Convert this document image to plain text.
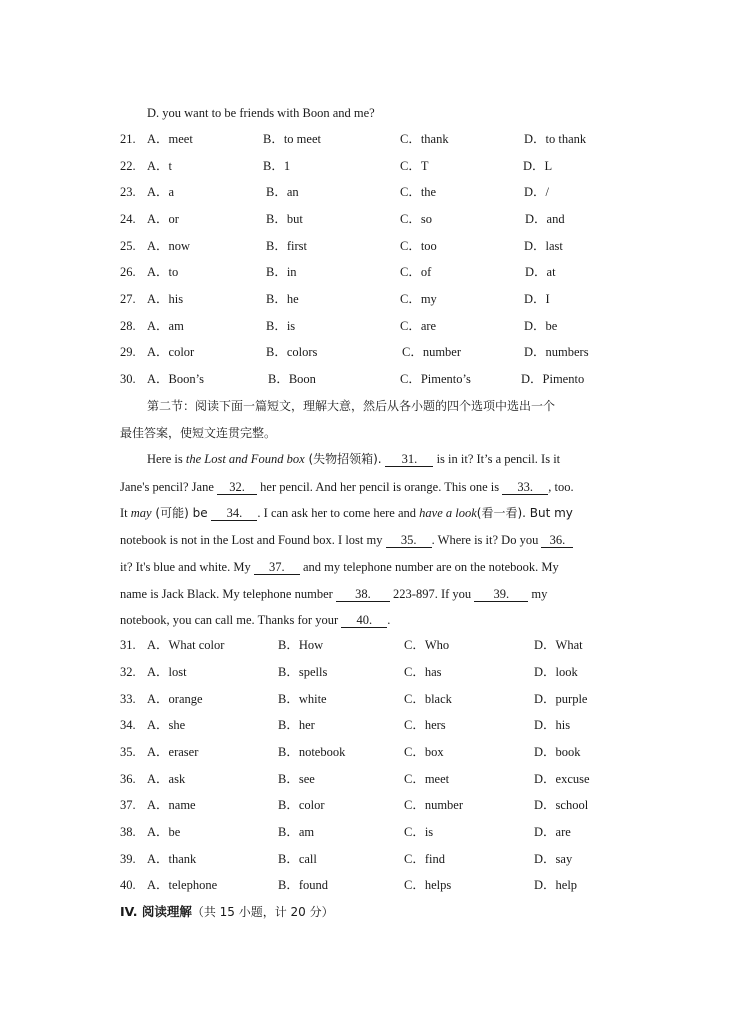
D. you want to be friends with Boon and me?
21. A．meet	B．to meet	C．thank	D．to thank
22. A．t	B．1	C．T	D．L
23. A．a	B．an	C．the	D．/
24. A．or	B．but	C．so	D．and
25. A．now	B．first	C．too	D．last
26. A．to	B．in	C．of	D．at
27. A．his	B．he	C．my	D．I
28. A．am	B．is	C．are	D．be
29. A．color	B．colors	C．number	D．numbers
30. A．Boon’s	B．Boon	C．Pimento’s	D．Pimento
第二节：阅读下面一篇短文，理解大意，然后从各小题的四个选项中选出一个
最佳答案，使短文连贯完整。
Here is the Lost and Found box (失物招领箱). 31. is in it? It’s a pencil. Is it
Jane's pencil? Jane 32. her pencil. And her pencil is orange. This one is 33. , too.
It may (可能) be 34. . I can ask her to come here and have a look(看一看). But my
notebook is not in the Lost and Found box. I lost my 35. . Where is it? Do you 36.
it? It's blue and white. My 37. and my telephone number are on the notebook. My
name is Jack Black. My telephone number 38. 223-897. If you 39. my
notebook, you can call me. Thanks for your 40. .
31. A．What color	B．How	C．Who	D．What
32. A．lost	B．spells	C．has	D．look
33. A．orange	B．white	C．black	D．purple
34. A．she	B．her	C．hers	D．his
35. A．eraser	B．notebook	C．box	D．book
36. A．ask	B．see	C．meet	D．excuse
37. A．name	B．color	C．number	D．school
38. A．be	B．am	C．is	D．are
39. A．thank	B．call	C．find	D．say
40. A．telephone	B．found	C．helps	D．help
IV. 阅读理解（共 15 小题，计 20 分）
